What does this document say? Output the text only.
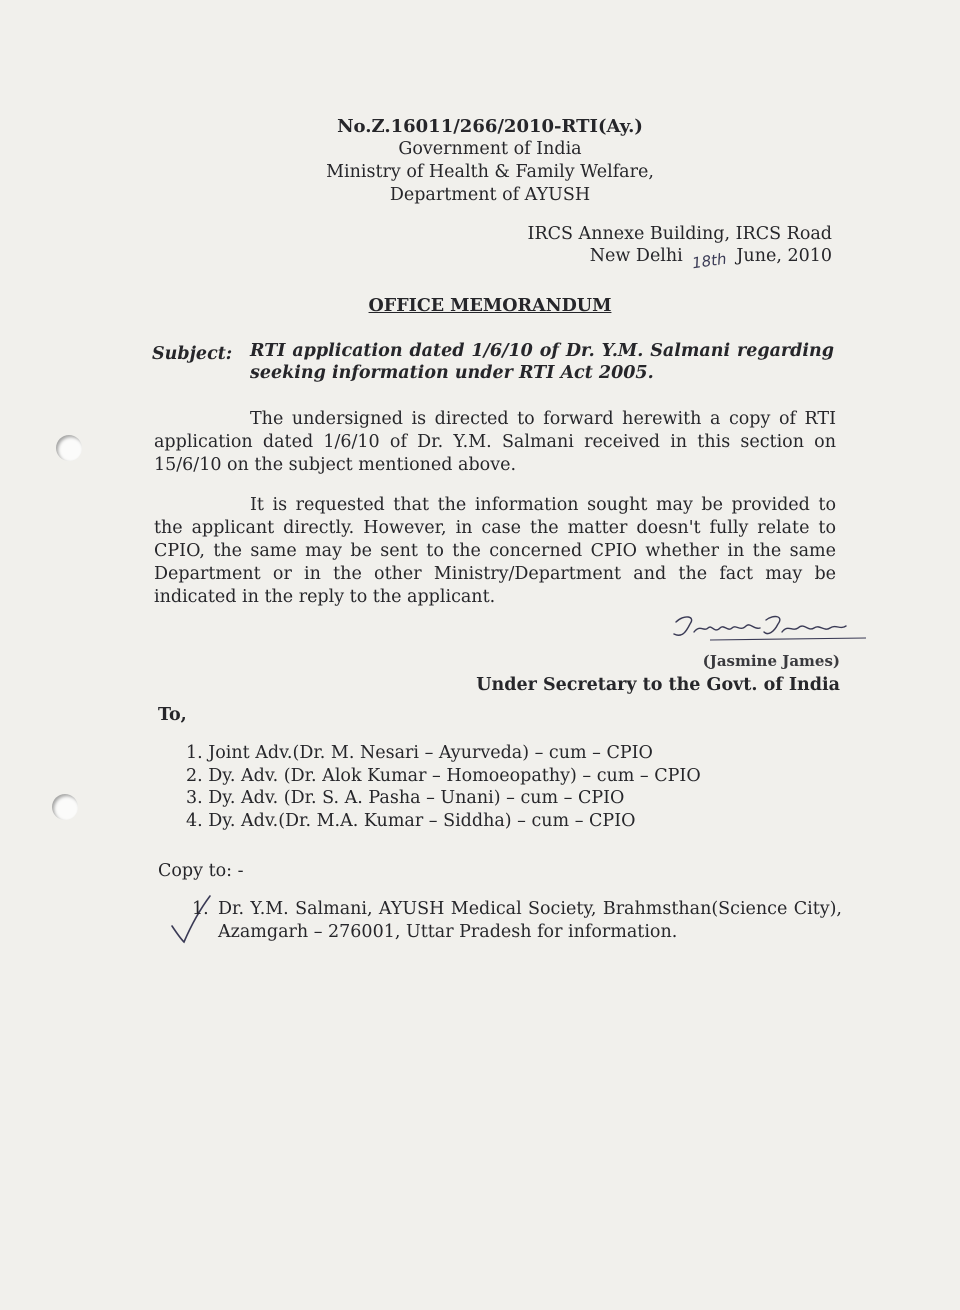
No.Z.16011/266/2010-RTI(Ay.)
Government of India
Ministry of Health & Family Welfare,
Department of AYUSH
IRCS Annexe Building, IRCS Road
New Delhi 18th June, 2010
OFFICE MEMORANDUM
Subject: RTI application dated 1/6/10 of Dr. Y.M. Salmani regarding seeking information under RTI Act 2005.

The undersigned is directed to forward herewith a copy of RTI application dated 1/6/10 of Dr. Y.M. Salmani received in this section on 15/6/10 on the subject mentioned above.

It is requested that the information sought may be provided to the applicant directly. However, in case the matter doesn't fully relate to CPIO, the same may be sent to the concerned CPIO whether in the same Department or in the other Ministry/Department and the fact may be indicated in the reply to the applicant.

(Jasmine James)
Under Secretary to the Govt. of India
To,
1. Joint Adv.(Dr. M. Nesari – Ayurveda) – cum – CPIO
2. Dy. Adv. (Dr. Alok Kumar – Homoeopathy) – cum – CPIO
3. Dy. Adv. (Dr. S. A. Pasha – Unani) – cum – CPIO
4. Dy. Adv.(Dr. M.A. Kumar – Siddha) – cum – CPIO
Copy to: -
1. Dr. Y.M. Salmani, AYUSH Medical Society, Brahmsthan(Science City), Azamgarh – 276001, Uttar Pradesh for information.
